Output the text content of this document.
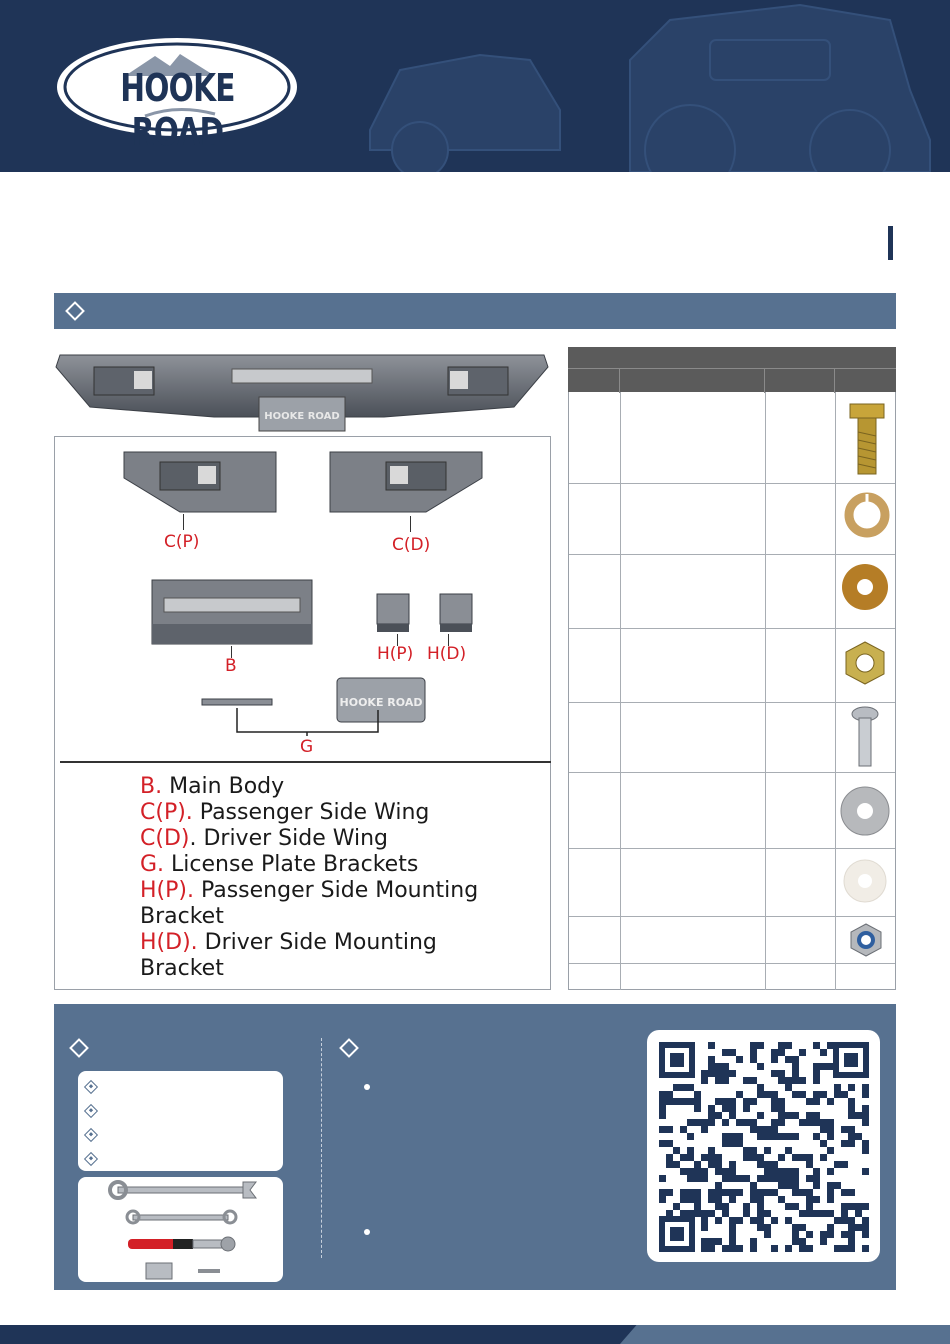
HOOKE ROAD
HOOKE ROAD
C(P)	C(D)
B
H(P) H(D)
HOOKE ROAD
G
B. Main Body
C(P). Passenger Side Wing
C(D). Driver Side Wing
G. License Plate Brackets
H(P). Passenger Side Mounting
Bracket
H(D). Driver Side Mounting
Bracket
